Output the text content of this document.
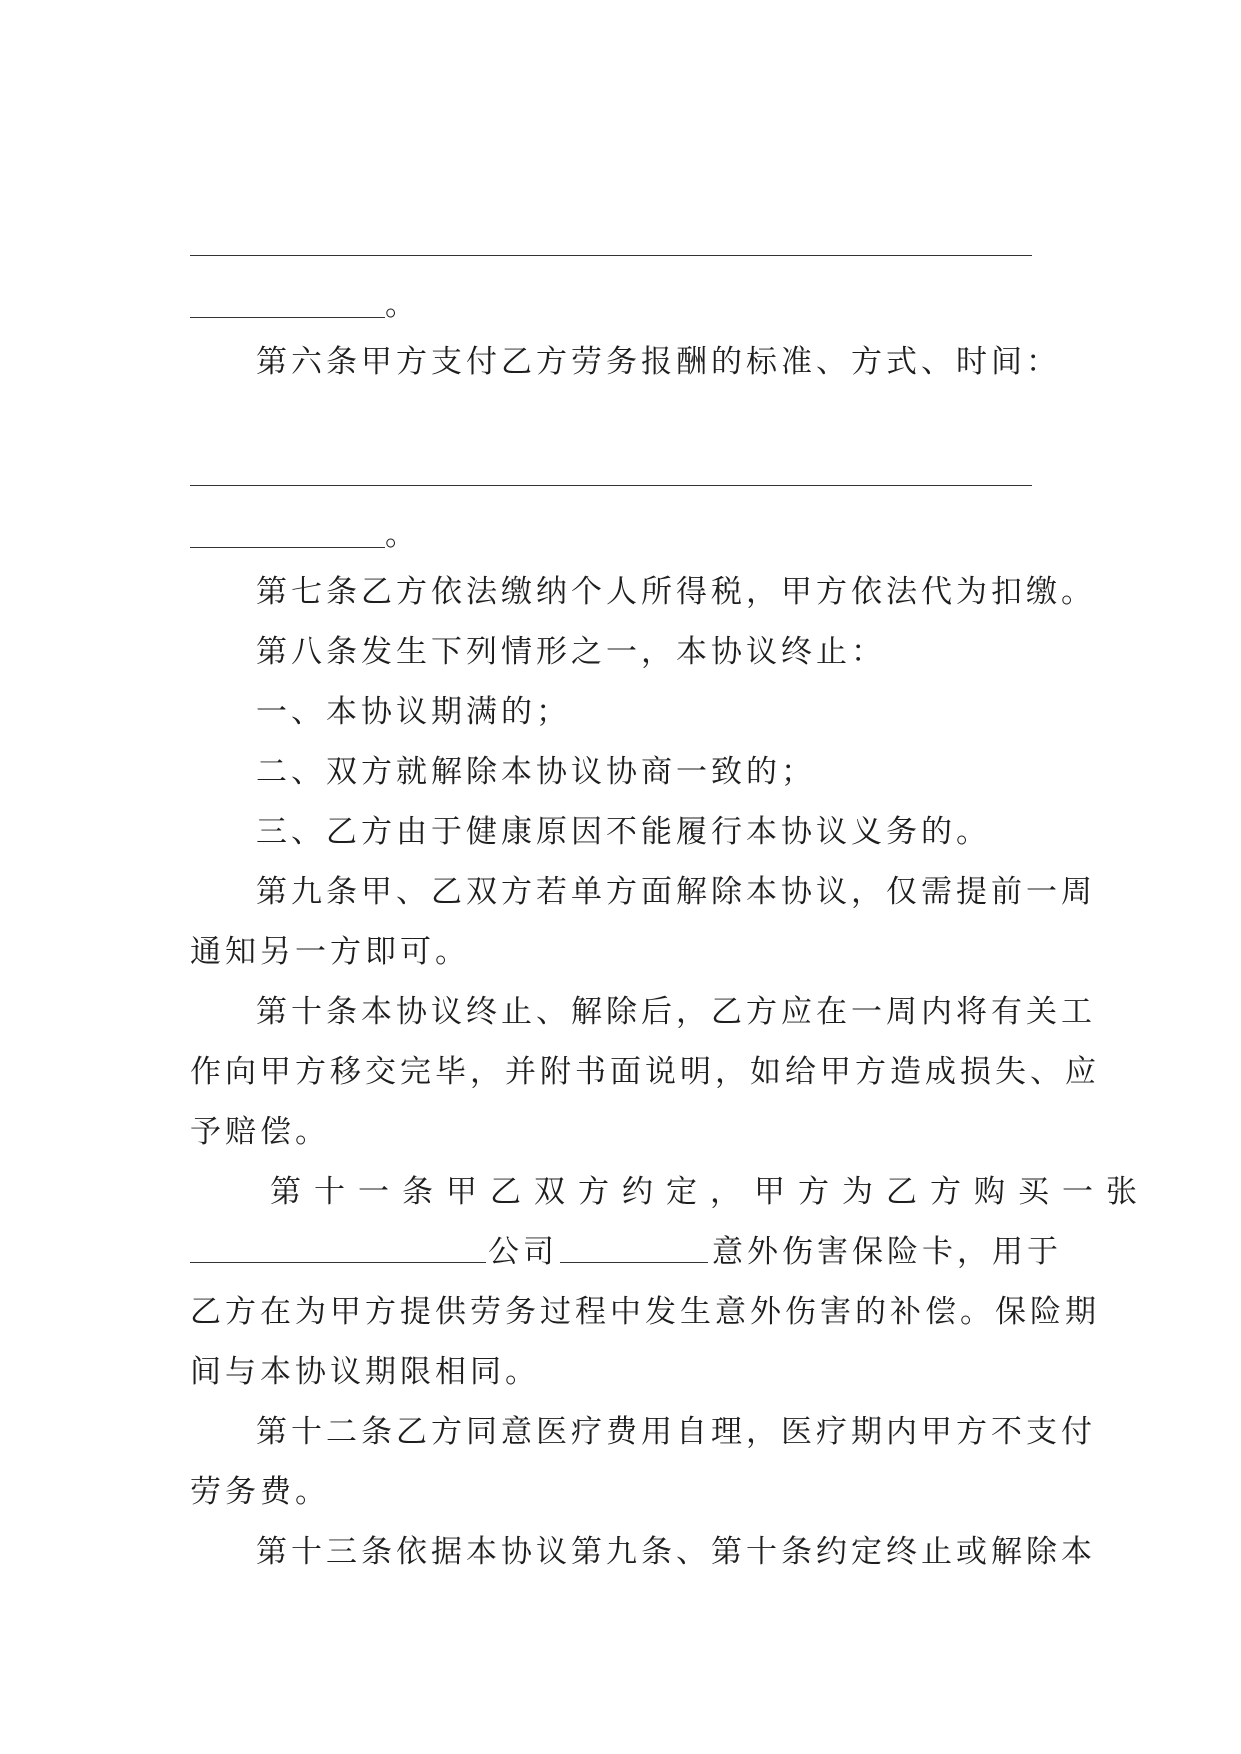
。
第六条甲方支付乙方劳务报酬的标准、方式、时间：
。
第七条乙方依法缴纳个人所得税，甲方依法代为扣缴。
第八条发生下列情形之一，本协议终止：
一、本协议期满的；
二、双方就解除本协议协商一致的；
三、乙方由于健康原因不能履行本协议义务的。
第九条甲、乙双方若单方面解除本协议，仅需提前一周
通知另一方即可。
第十条本协议终止、解除后，乙方应在一周内将有关工
作向甲方移交完毕，并附书面说明，如给甲方造成损失、应
予赔偿。
第十一条甲乙双方约定，甲方为乙方购买一张
公司	意外伤害保险卡，用于
乙方在为甲方提供劳务过程中发生意外伤害的补偿。保险期
间与本协议期限相同。
第十二条乙方同意医疗费用自理，医疗期内甲方不支付
劳务费。
第十三条依据本协议第九条、第十条约定终止或解除本
